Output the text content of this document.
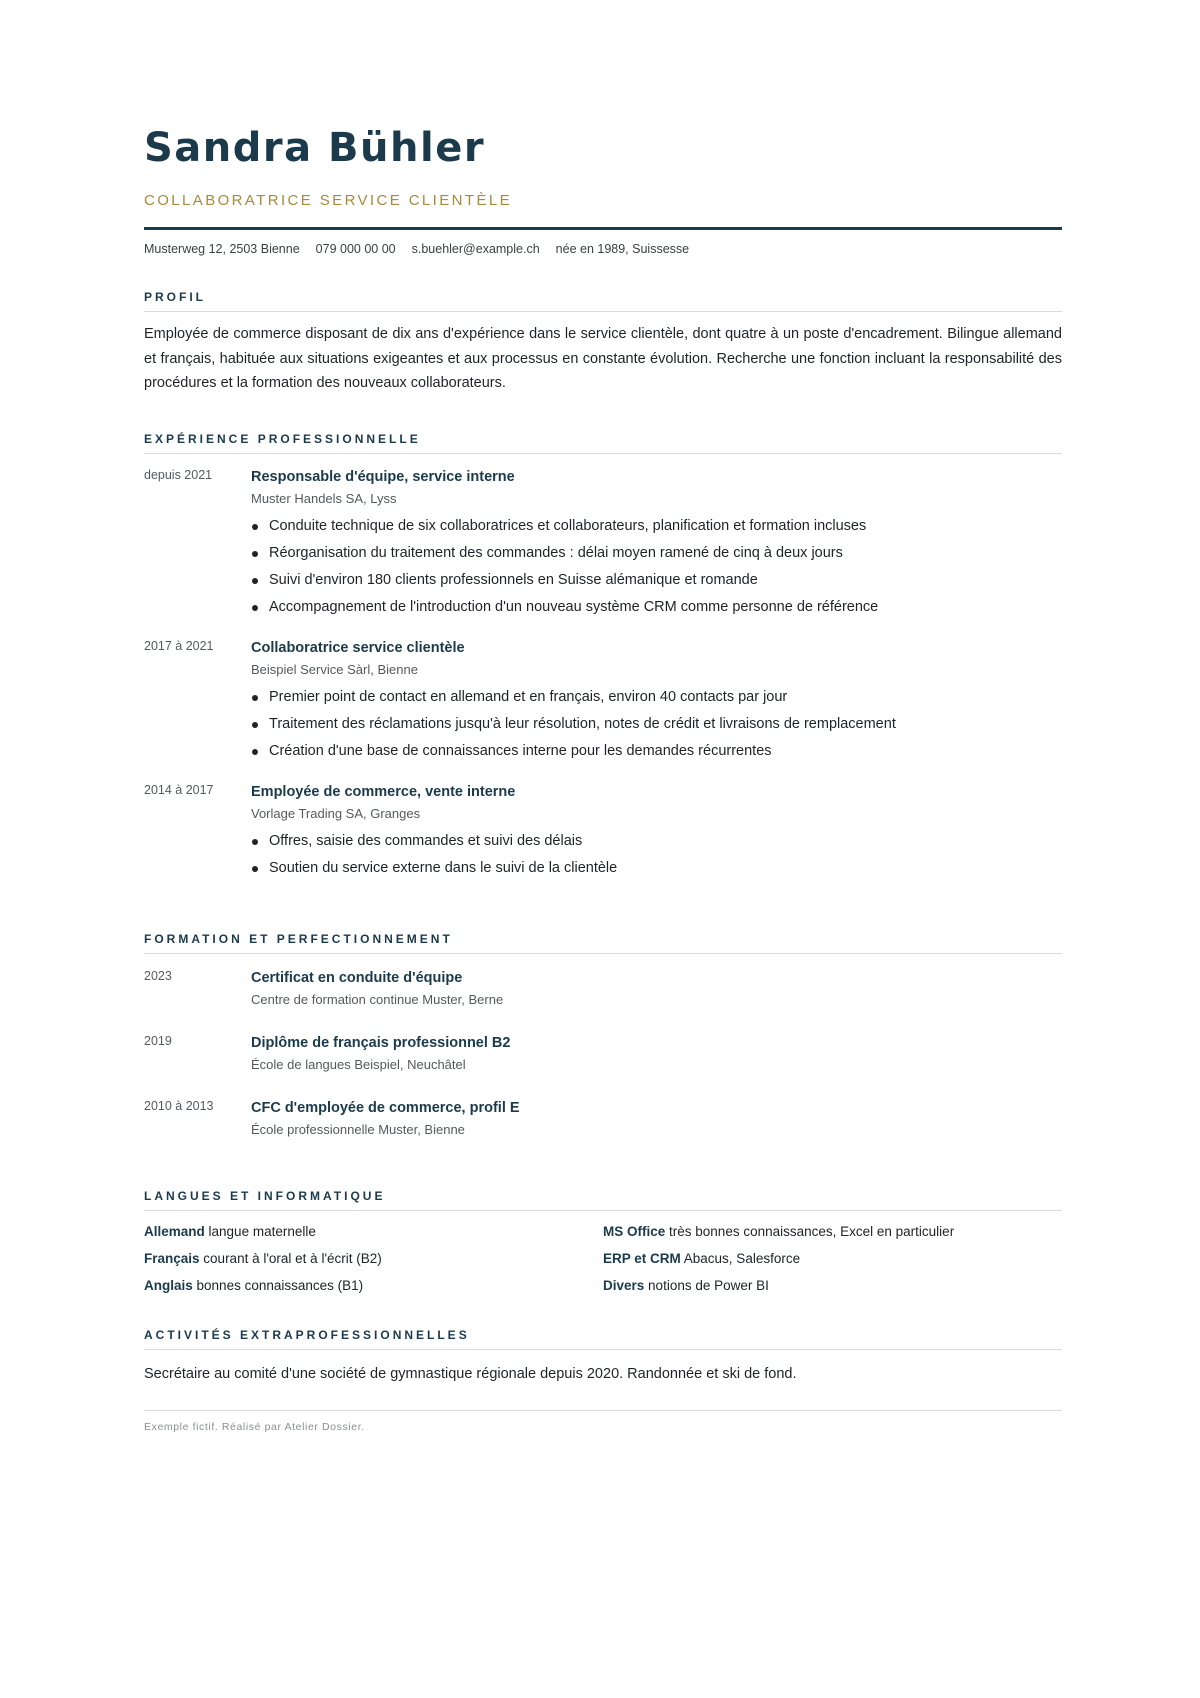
Sandra Bühler
COLLABORATRICE SERVICE CLIENTÈLE
Musterweg 12, 2503 Bienne 079 000 00 00 s.buehler@example.ch née en 1989, Suissesse
PROFIL
Employée de commerce disposant de dix ans d'expérience dans le service clientèle, dont quatre à un poste d'encadrement. Bilingue allemand et français, habituée aux situations exigeantes et aux processus en constante évolution. Recherche une fonction incluant la responsabilité des procédures et la formation des nouveaux collaborateurs.
EXPÉRIENCE PROFESSIONNELLE
depuis 2021	Responsable d'équipe, service interne
Muster Handels SA, Lyss
Conduite technique de six collaboratrices et collaborateurs, planification et formation incluses
Réorganisation du traitement des commandes : délai moyen ramené de cinq à deux jours
Suivi d'environ 180 clients professionnels en Suisse alémanique et romande
Accompagnement de l'introduction d'un nouveau système CRM comme personne de référence
2017 à 2021	Collaboratrice service clientèle
Beispiel Service Sàrl, Bienne
Premier point de contact en allemand et en français, environ 40 contacts par jour
Traitement des réclamations jusqu'à leur résolution, notes de crédit et livraisons de remplacement
Création d'une base de connaissances interne pour les demandes récurrentes
2014 à 2017	Employée de commerce, vente interne
Vorlage Trading SA, Granges
Offres, saisie des commandes et suivi des délais
Soutien du service externe dans le suivi de la clientèle
FORMATION ET PERFECTIONNEMENT
2023	Certificat en conduite d'équipe
Centre de formation continue Muster, Berne
2019	Diplôme de français professionnel B2
École de langues Beispiel, Neuchâtel
2010 à 2013	CFC d'employée de commerce, profil E
École professionnelle Muster, Bienne
LANGUES ET INFORMATIQUE
Allemand langue maternelle	MS Office très bonnes connaissances, Excel en particulier
Français courant à l'oral et à l'écrit (B2)	ERP et CRM Abacus, Salesforce
Anglais bonnes connaissances (B1)	Divers notions de Power BI
ACTIVITÉS EXTRAPROFESSIONNELLES
Secrétaire au comité d'une société de gymnastique régionale depuis 2020. Randonnée et ski de fond.
Exemple fictif. Réalisé par Atelier Dossier.
